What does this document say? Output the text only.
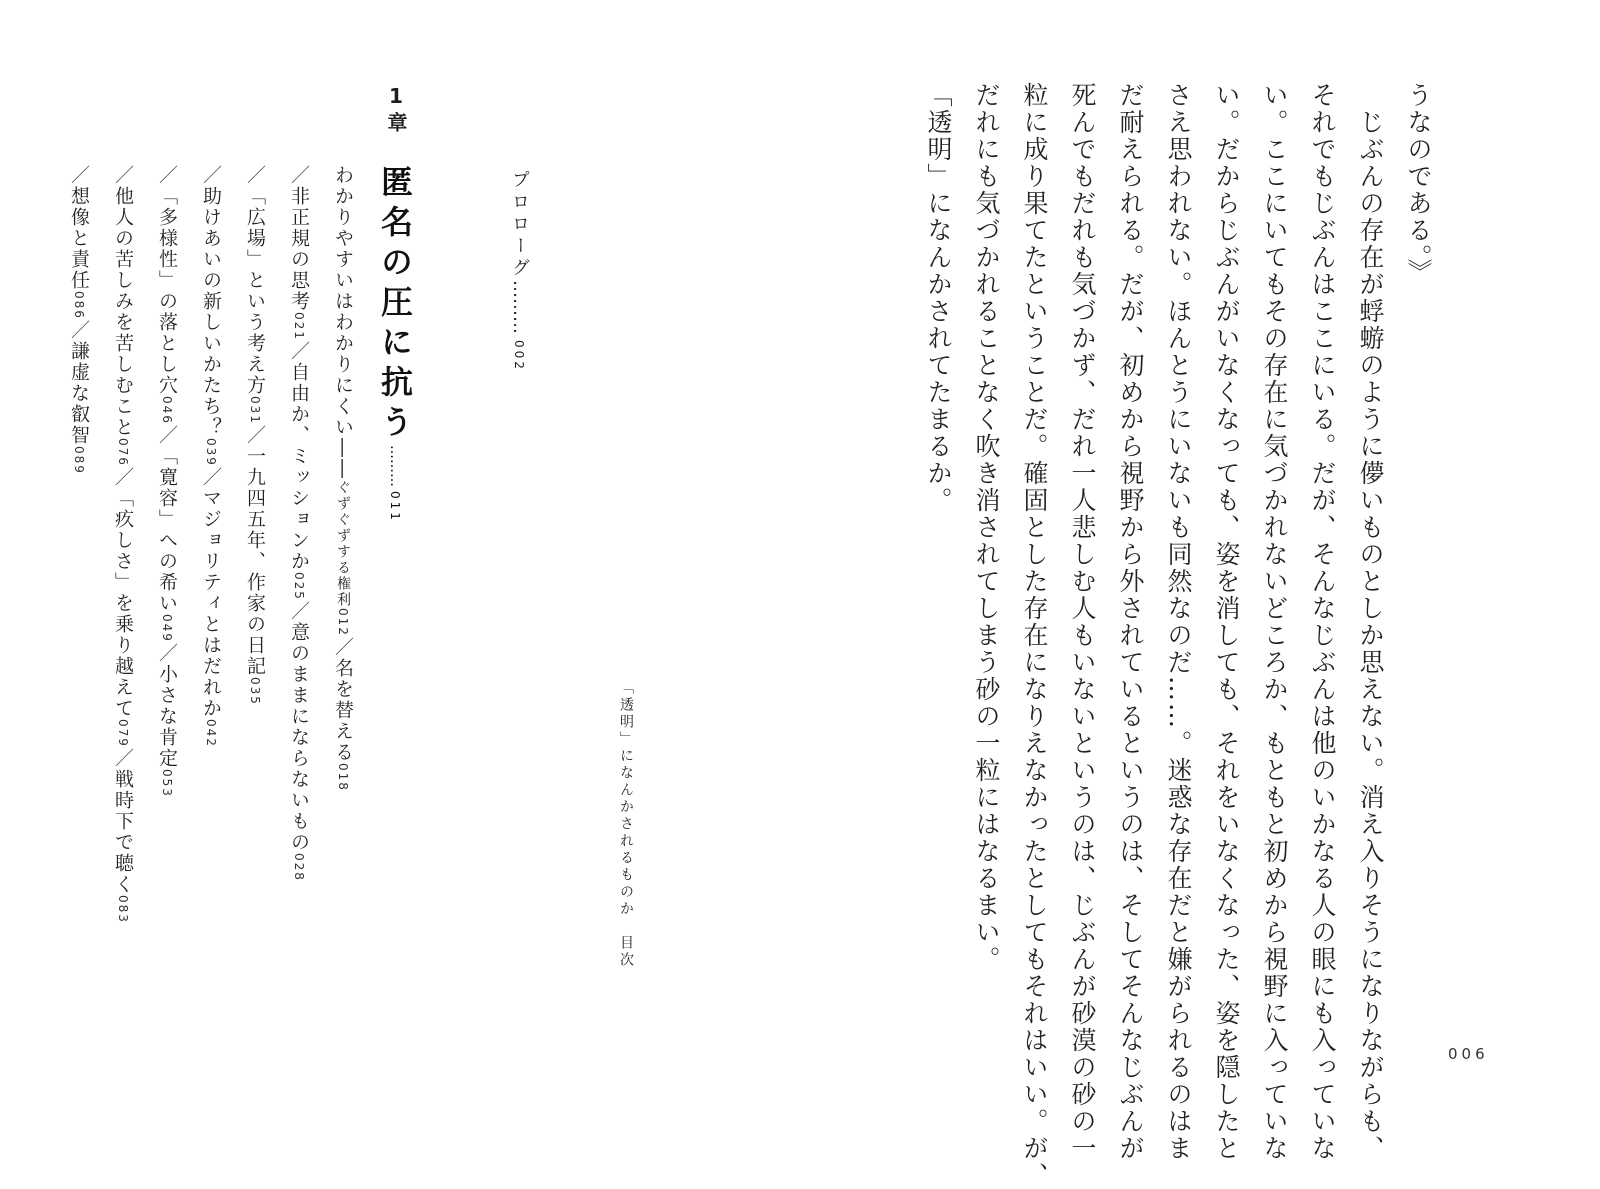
「透明」になんかされるものか　目次
プロローグ………002
1章
匿名の圧に抗う………011
わかりやすいはわかりにくい――ぐずぐずする権利012／名を替える018／非正規の思考021／自由か、ミッションか025／意のままにならないもの028／「広場」という考え方031／一九四五年、作家の日記035／助けあいの新しいかたち？039／マジョリティとはだれか042／「多様性」の落とし穴046／「寛容」への希い049／小さな肯定053／他人の苦しみを苦しむこと076／「疚しさ」を乗り越えて079／戦時下で聴く083／想像と責任086／謙虚な叡智089
うなのである。》
　じぶんの存在が蜉蝣のように儚いものとしか思えない。消え入りそうになりながらも、
それでもじぶんはここにいる。だが、そんなじぶんは他のいかなる人の眼にも入っていな
い。ここにいてもその存在に気づかれないどころか、もともと初めから視野に入っていな
い。だからじぶんがいなくなっても、姿を消しても、それをいなくなった、姿を隠したと
さえ思われない。ほんとうにいないも同然なのだ……。迷惑な存在だと嫌がられるのはま
だ耐えられる。だが、初めから視野から外されているというのは、そしてそんなじぶんが
死んでもだれも気づかず、だれ一人悲しむ人もいないというのは、じぶんが砂漠の砂の一
粒に成り果てたということだ。確固とした存在になりえなかったとしてもそれはいい。が、
だれにも気づかれることなく吹き消されてしまう砂の一粒にはなるまい。
「透明」になんかされてたまるか。
006
